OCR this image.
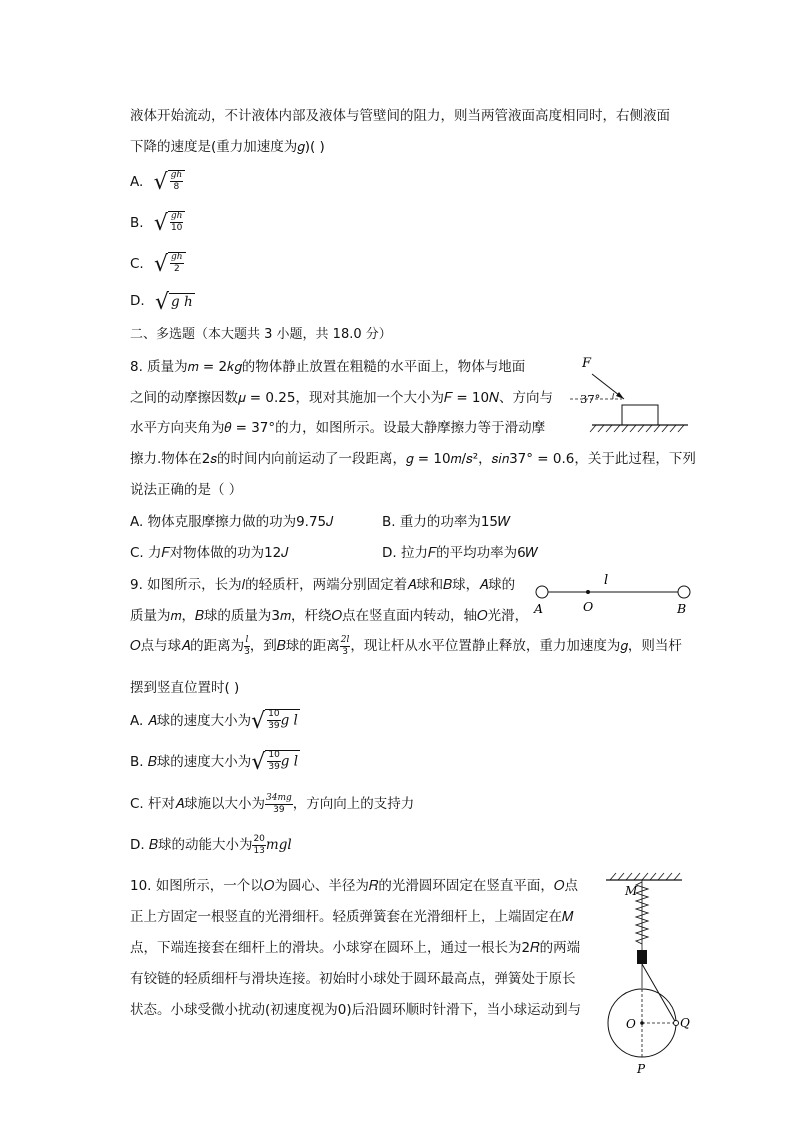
液体开始流动，不计液体内部及液体与管壁间的阻力，则当两管液面高度相同时，右侧液面
下降的速度是(重力加速度为𝑔)( )
A. √ $\frac{\text{𝑔ℎ}}{8}$
B. √ $\frac{\text{𝑔ℎ}}{10}$
C. √ $\frac{\text{𝑔ℎ}}{2}$
D. √ 𝑔 ℎ
二、多选题（本大题共 3 小题，共 18.0 分）
8. 质量为𝑚 = 2𝑘𝑔的物体静止放置在粗糙的水平面上，物体与地面
之间的动摩擦因数𝜇 = 0.25，现对其施加一个大小为𝐹 = 10𝑁、方向与
水平方向夹角为𝜃 = 37°的力，如图所示。设最大静摩擦力等于滑动摩
擦力.物体在2𝑠的时间内向前运动了一段距离，𝑔 = 10𝑚/𝑠²，𝑠𝑖𝑛37° = 0.6，关于此过程，下列
说法正确的是（ ）
A. 物体克服摩擦力做的功为9.75𝐽	B. 重力的功率为15𝑊
C. 力𝐹对物体做的功为12𝐽	D. 拉力𝐹的平均功率为6𝑊
F
37°
9. 如图所示，长为𝑙的轻质杆，两端分别固定着𝐴球和𝐵球，𝐴球的
质量为𝑚，𝐵球的质量为3𝑚，杆绕𝑂点在竖直面内转动，轴𝑂光滑，
𝑂点与球𝐴的距离为 $\frac{\text{𝑙}}{3}$ ，到𝐵球的距离 $\frac{\text{2𝑙}}{3}$ ，现让杆从水平位置静止释放，重力加速度为𝑔，则当杆
摆到竖直位置时( )
A. 𝐴球的速度大小为√ $\frac{10}{39}$ 𝑔 𝑙
B. 𝐵球的速度大小为√ $\frac{10}{39}$ 𝑔 𝑙
C. 杆对𝐴球施以大小为 $\frac{\text{34𝑚𝑔}}{39}$ ，方向向上的支持力
D. 𝐵球的动能大小为 $\frac{20}{13}$ 𝑚𝑔𝑙
l
A	O	B
10. 如图所示，一个以𝑂为圆心、半径为𝑅的光滑圆环固定在竖直平面，𝑂点
正上方固定一根竖直的光滑细杆。轻质弹簧套在光滑细杆上，上端固定在𝑀
点，下端连接套在细杆上的滑块。小球穿在圆环上，通过一根长为2𝑅的两端
有铰链的轻质细杆与滑块连接。初始时小球处于圆环最高点，弹簧处于原长
状态。小球受微小扰动(初速度视为0)后沿圆环顺时针滑下，当小球运动到与
M
O	Q
P
